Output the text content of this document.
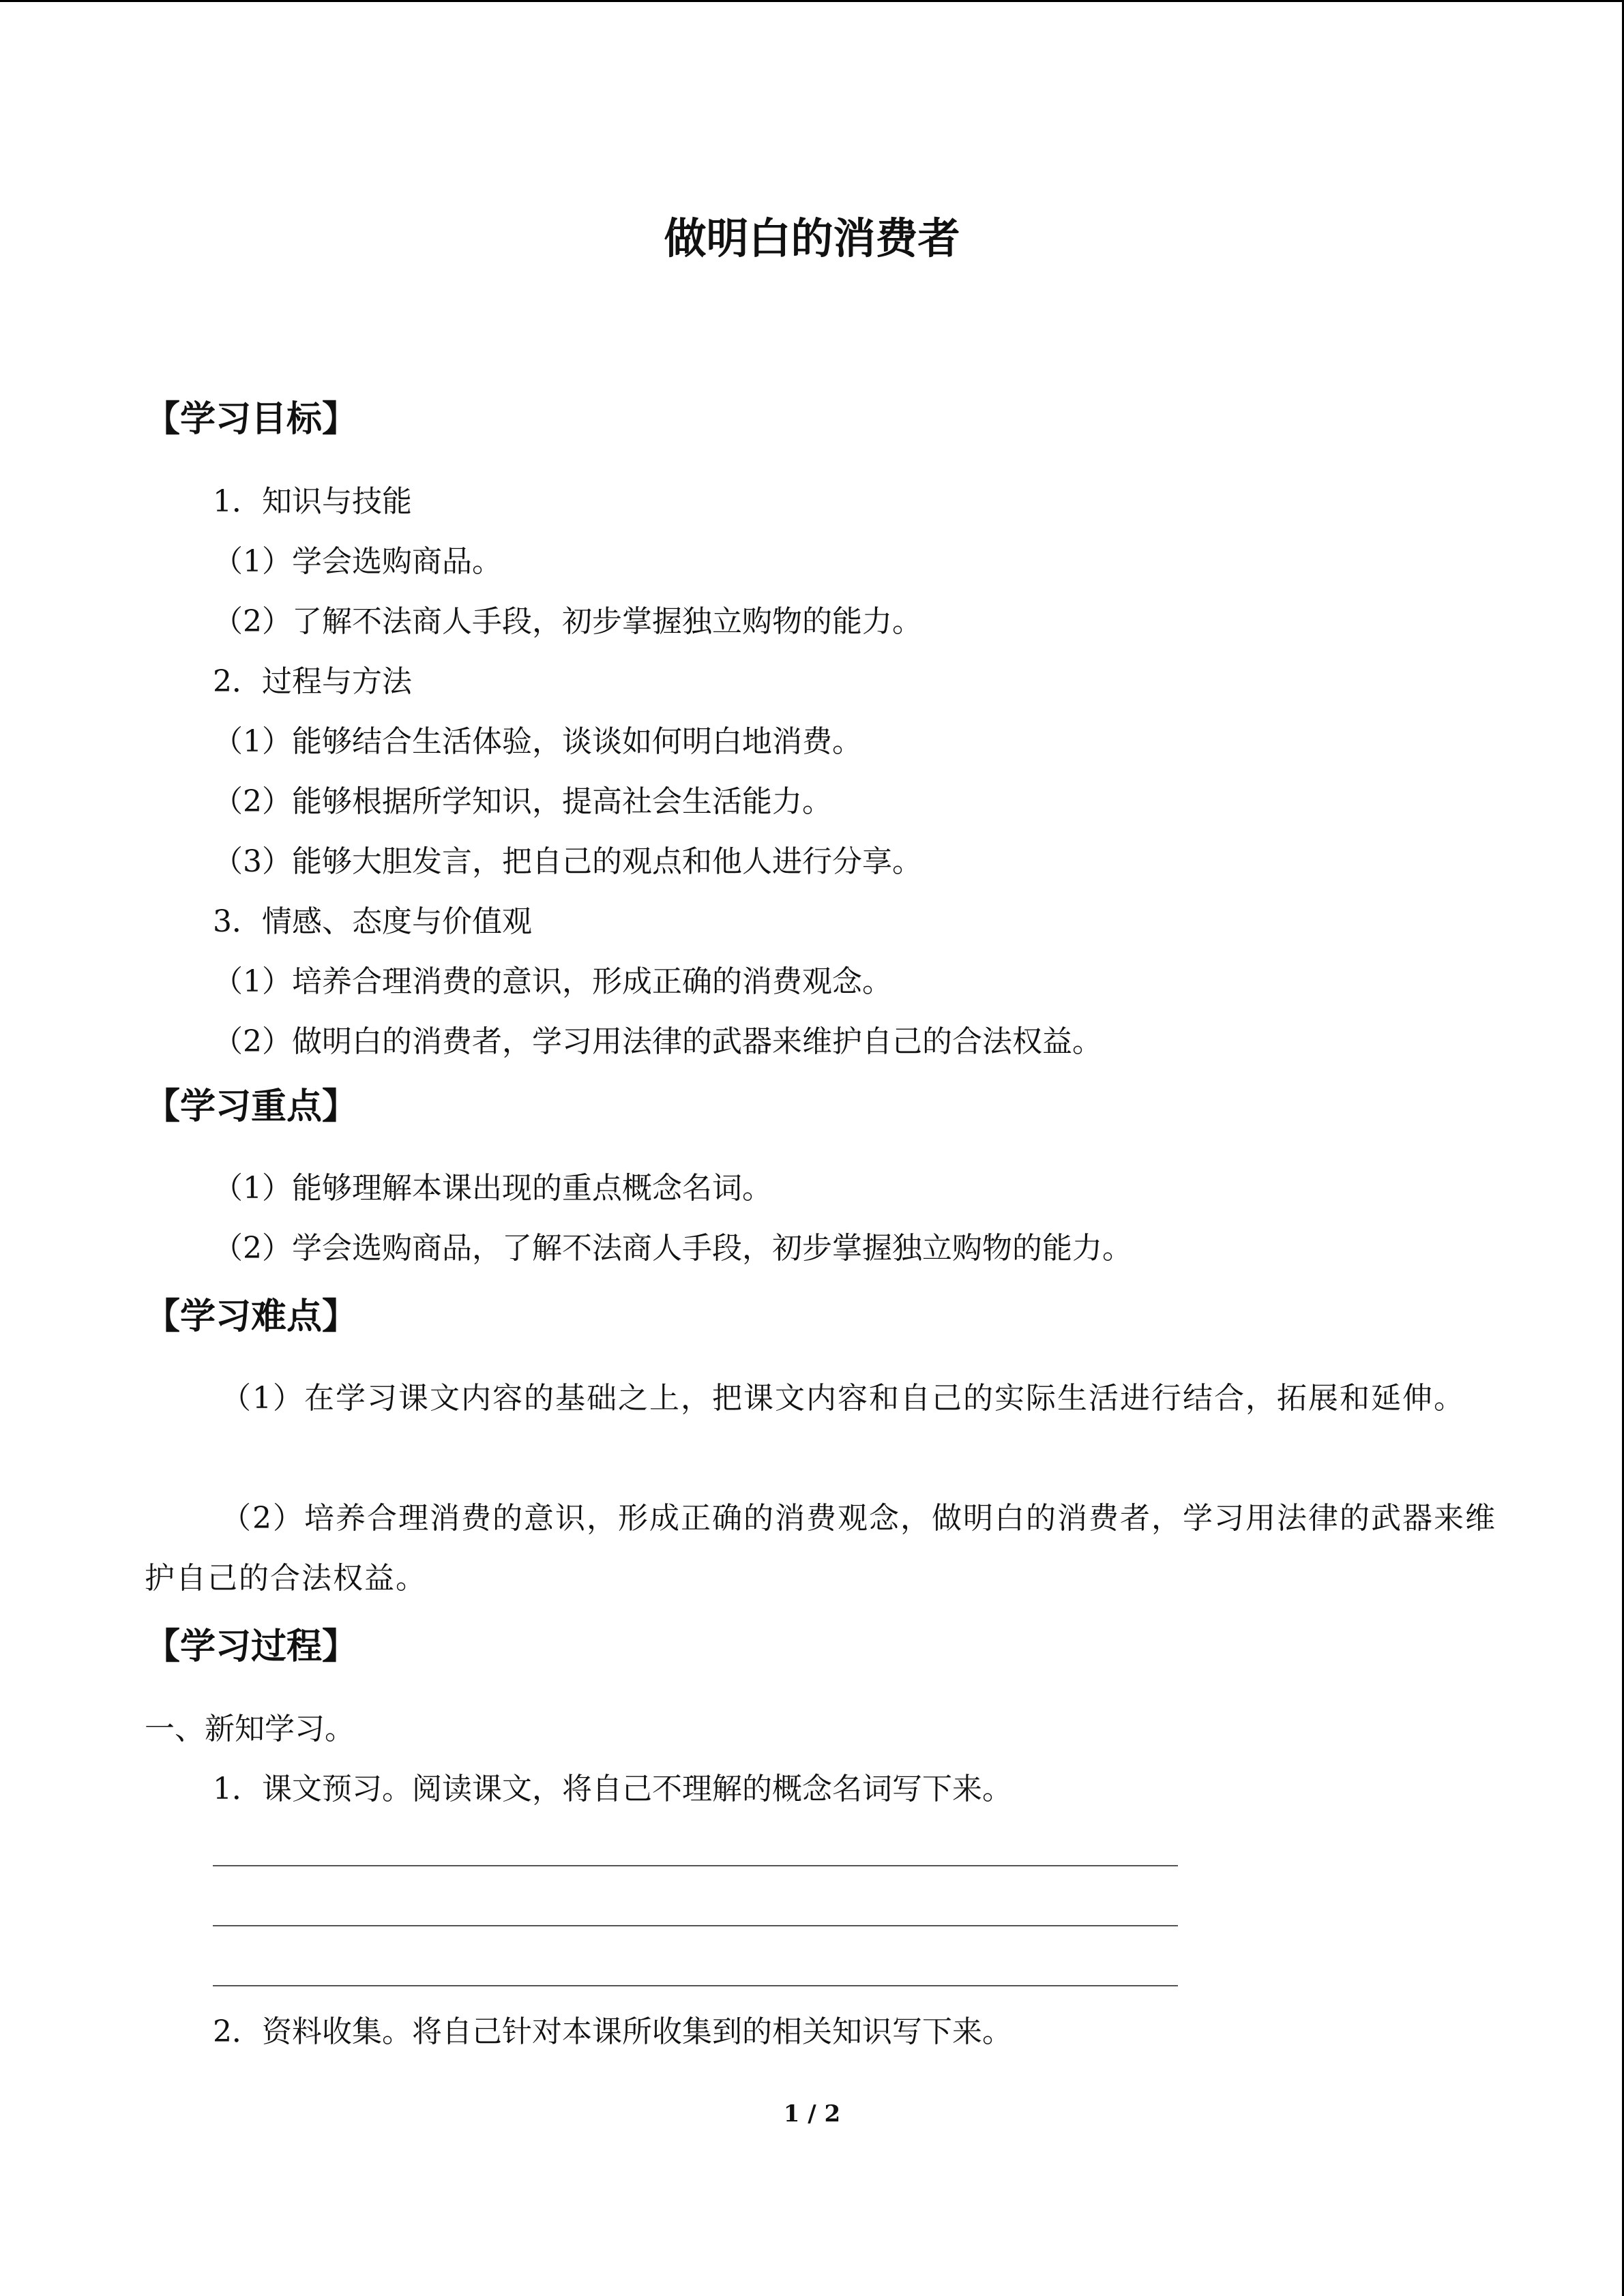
做明白的消费者
【学习目标】
1．知识与技能
（1）学会选购商品。
（2）了解不法商人手段，初步掌握独立购物的能力。
2．过程与方法
（1）能够结合生活体验，谈谈如何明白地消费。
（2）能够根据所学知识，提高社会生活能力。
（3）能够大胆发言，把自己的观点和他人进行分享。
3．情感、态度与价值观
（1）培养合理消费的意识，形成正确的消费观念。
（2）做明白的消费者，学习用法律的武器来维护自己的合法权益。
【学习重点】
（1）能够理解本课出现的重点概念名词。
（2）学会选购商品，了解不法商人手段，初步掌握独立购物的能力。
【学习难点】
（1）在学习课文内容的基础之上，把课文内容和自己的实际生活进行结合，拓展和延伸。
（2）培养合理消费的意识，形成正确的消费观念，做明白的消费者，学习用法律的武器来维护自己的合法权益。
【学习过程】
一、新知学习。
1．课文预习。阅读课文，将自己不理解的概念名词写下来。
2．资料收集。将自己针对本课所收集到的相关知识写下来。
1 / 2
